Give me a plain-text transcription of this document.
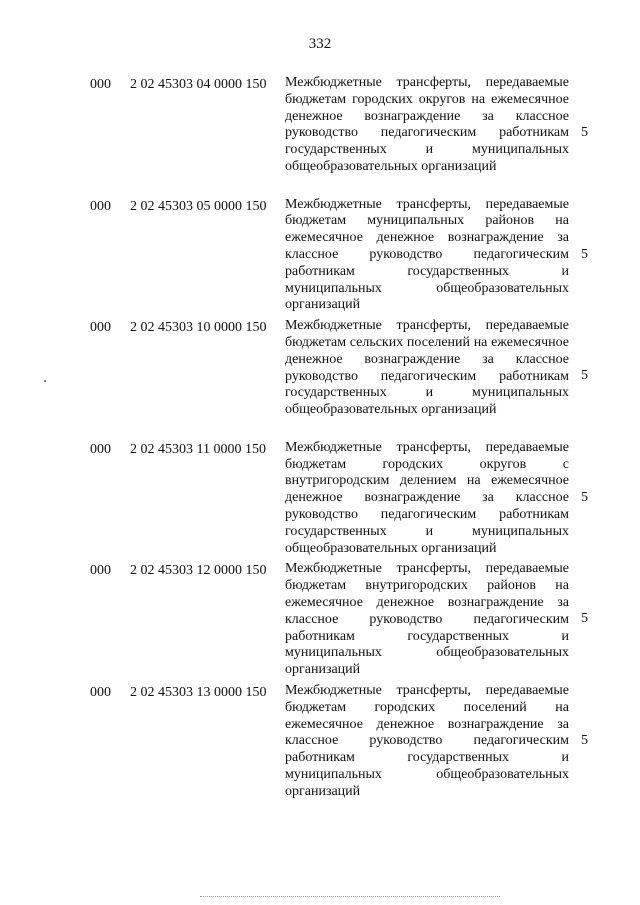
332
000 2 02 45303 04 0000 150 Межбюджетные трансферты, передаваемые бюджетам городских округов на ежемесячное денежное вознаграждение за классное руководство педагогическим работникам государственных и муниципальных общеобразовательных организаций

5
000 2 02 45303 05 0000 150 Межбюджетные трансферты, передаваемые бюджетам муниципальных районов на ежемесячное денежное вознаграждение за классное руководство педагогическим работникам государственных и муниципальных общеобразовательных организаций

5
000 2 02 45303 10 0000 150 Межбюджетные трансферты, передаваемые бюджетам сельских поселений на ежемесячное денежное вознаграждение за классное руководство педагогическим работникам государственных и муниципальных общеобразовательных организаций

5
000 2 02 45303 11 0000 150 Межбюджетные трансферты, передаваемые бюджетам городских округов с внутригородским делением на ежемесячное денежное вознаграждение за классное руководство педагогическим работникам государственных и муниципальных общеобразовательных организаций

5
000 2 02 45303 12 0000 150 Межбюджетные трансферты, передаваемые бюджетам внутригородских районов на ежемесячное денежное вознаграждение за классное руководство педагогическим работникам государственных и муниципальных общеобразовательных организаций

5
000 2 02 45303 13 0000 150 Межбюджетные трансферты, передаваемые бюджетам городских поселений на ежемесячное денежное вознаграждение за классное руководство педагогическим работникам государственных и муниципальных общеобразовательных организаций

5
